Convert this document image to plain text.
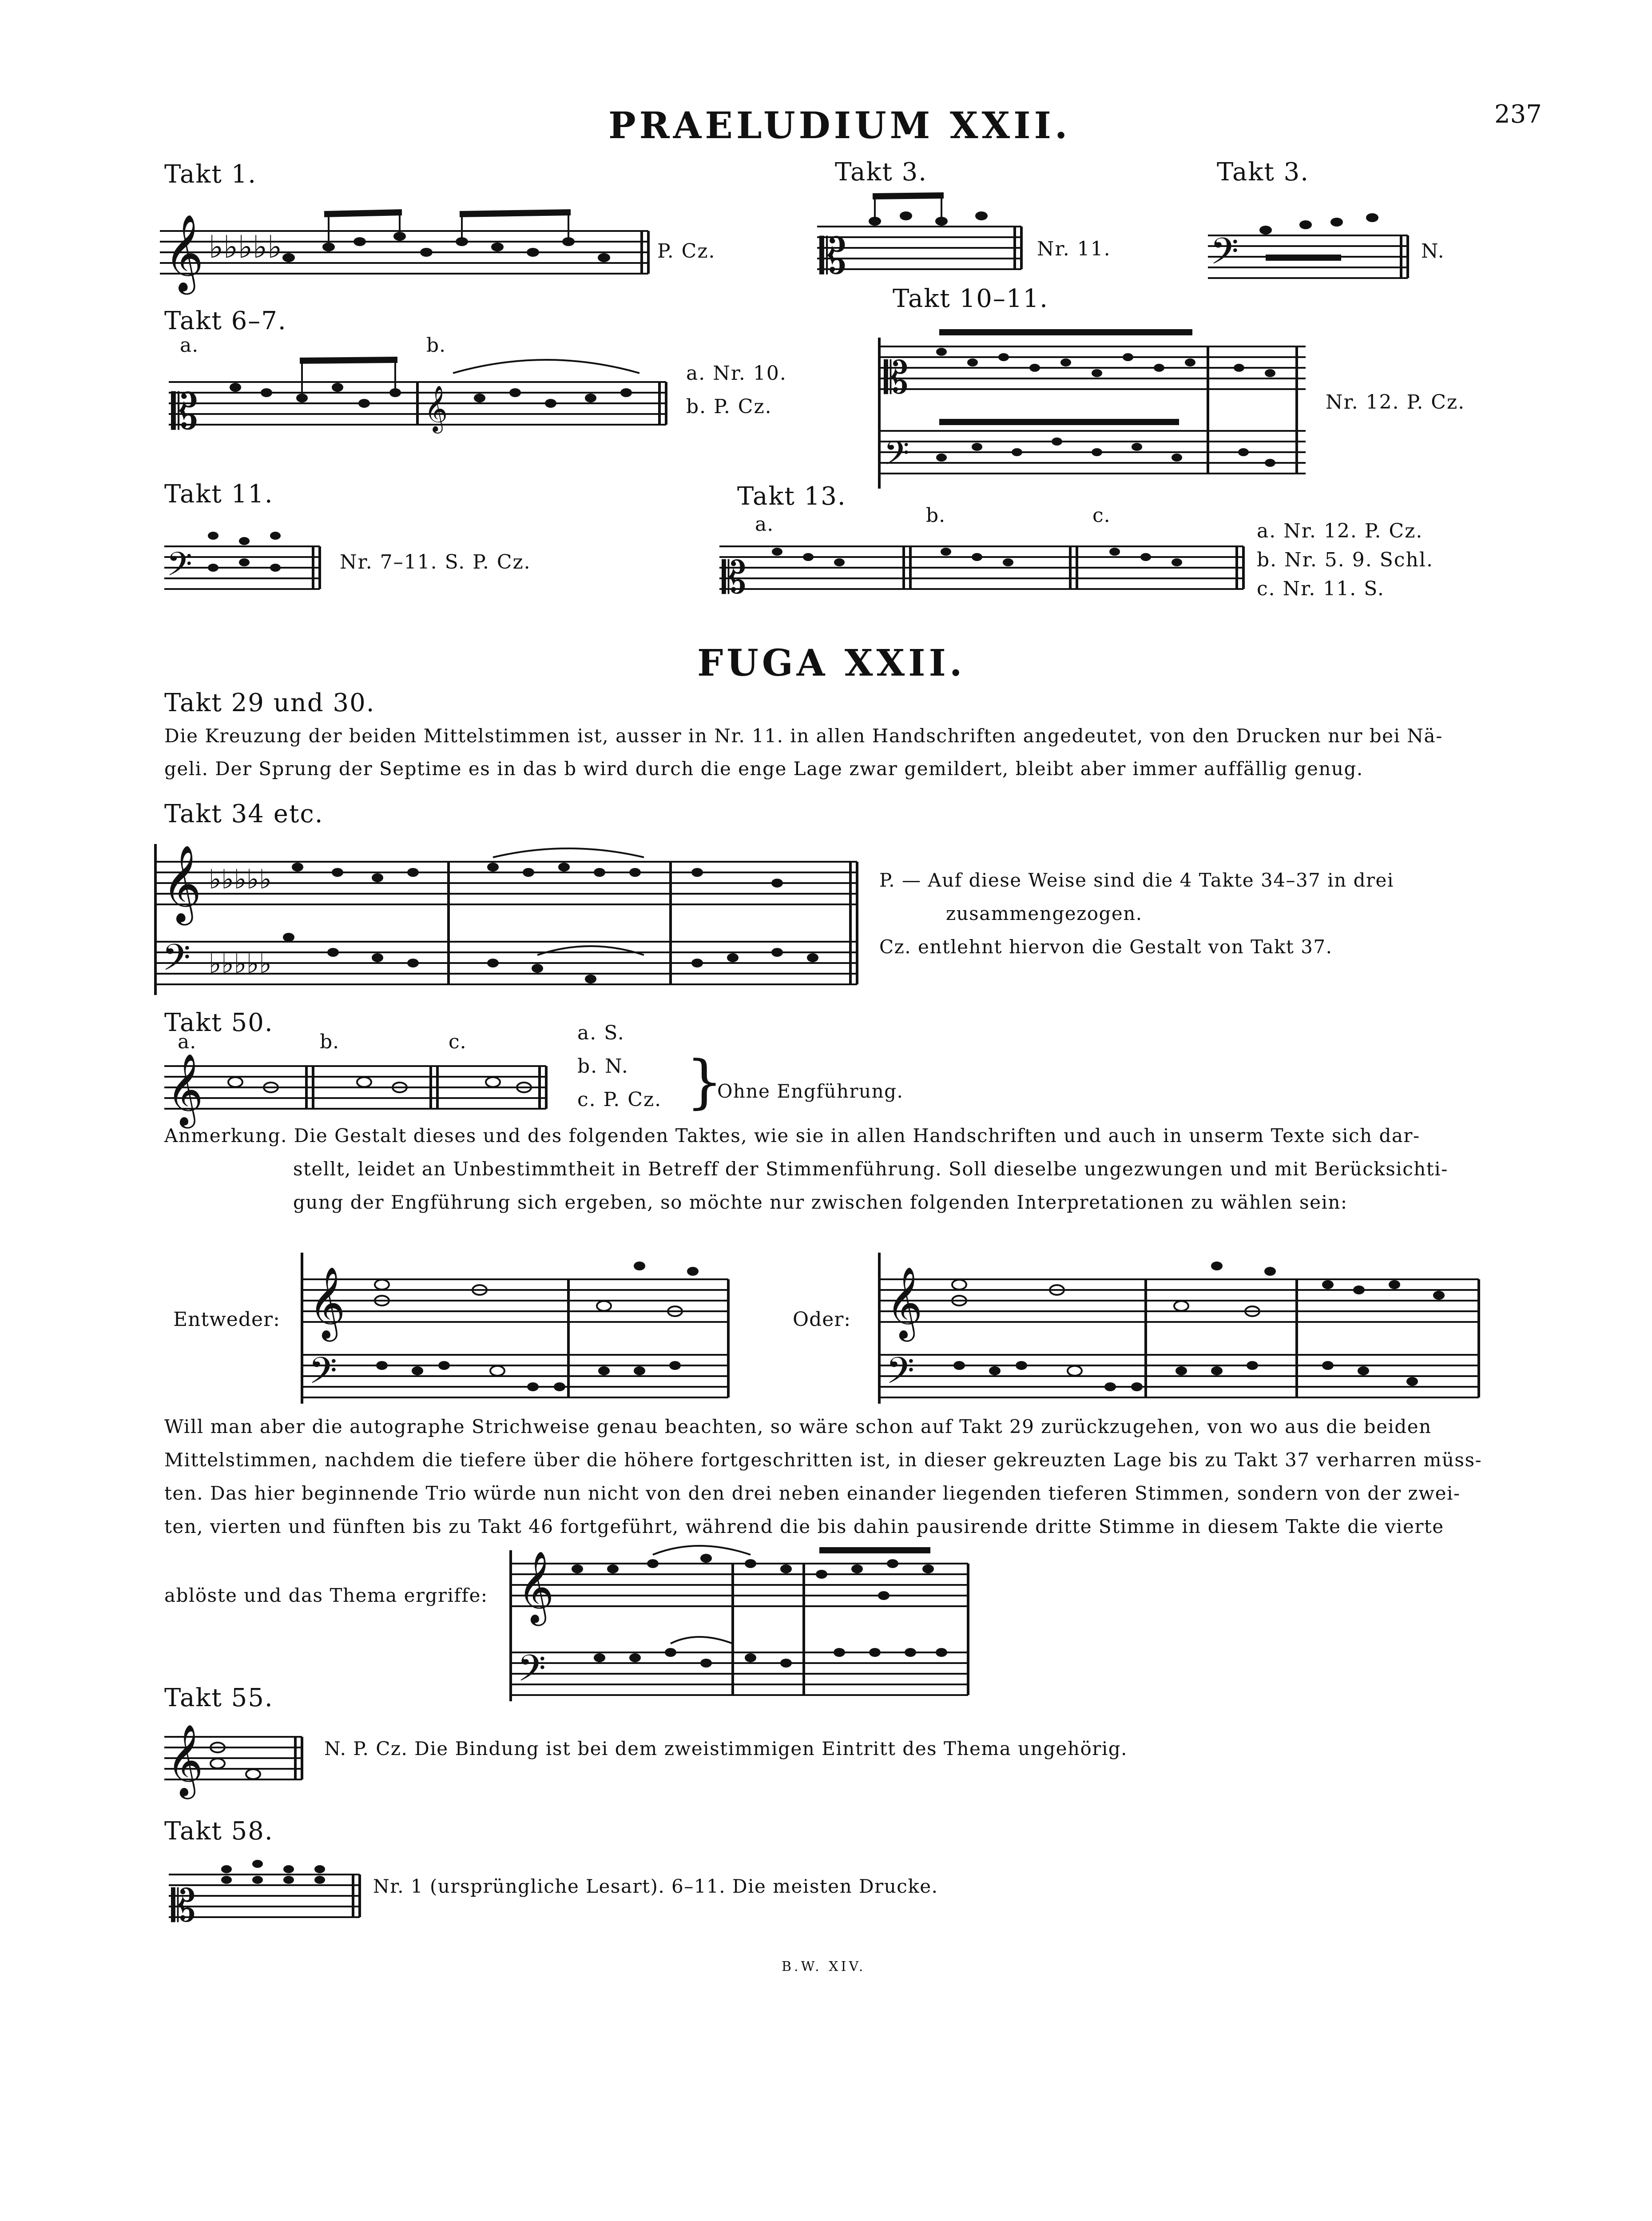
PRAELUDIUM XXII.	237
Takt 1.
𝄞 ♭♭♭♭♭	P. Cz.
Takt 3.
𝄡	Nr. 11.
Takt 3.
𝄢	N.
Takt 6–7.
a.	b.
𝄡	𝄞
a. Nr. 10.
b. P. Cz.
Takt 10–11.
𝄡
𝄢
Nr. 12. P. Cz.
Takt 11.
𝄢	Nr. 7–11. S. P. Cz.
Takt 13.
a.	b.	c.
𝄡
a. Nr. 12. P. Cz.
b. Nr. 5. 9. Schl.
c. Nr. 11. S.
FUGA XXII.
Takt 29 und 30.
Die Kreuzung der beiden Mittelstimmen ist, ausser in Nr. 11. in allen Handschriften angedeutet, von den Drucken nur bei Nä-
geli. Der Sprung der Septime es in das b wird durch die enge Lage zwar gemildert, bleibt aber immer auffällig genug.
Takt 34 etc.
𝄞 ♭♭♭♭♭
𝄢 ♭♭♭♭♭
P. — Auf diese Weise sind die 4 Takte 34–37 in drei
zusammengezogen.
Cz. entlehnt hiervon die Gestalt von Takt 37.
Takt 50.
a.	b.	c.
𝄞
a. S.
b. N.
c. P. Cz. }
Ohne Engführung.
Anmerkung. Die Gestalt dieses und des folgenden Taktes, wie sie in allen Handschriften und auch in unserm Texte sich dar-
stellt, leidet an Unbestimmtheit in Betreff der Stimmenführung. Soll dieselbe ungezwungen und mit Berücksichti-
gung der Engführung sich ergeben, so möchte nur zwischen folgenden Interpretationen zu wählen sein:
Entweder: 𝄞
𝄢
Oder: 𝄞
𝄢
Will man aber die autographe Strichweise genau beachten, so wäre schon auf Takt 29 zurückzugehen, von wo aus die beiden
Mittelstimmen, nachdem die tiefere über die höhere fortgeschritten ist, in dieser gekreuzten Lage bis zu Takt 37 verharren müss-
ten. Das hier beginnende Trio würde nun nicht von den drei neben einander liegenden tieferen Stimmen, sondern von der zwei-
ten, vierten und fünften bis zu Takt 46 fortgeführt, während die bis dahin pausirende dritte Stimme in diesem Takte die vierte
ablöste und das Thema ergriffe: 𝄞
𝄢
Takt 55.
𝄞	N. P. Cz. Die Bindung ist bei dem zweistimmigen Eintritt des Thema ungehörig.
Takt 58.
𝄡	Nr. 1 (ursprüngliche Lesart). 6–11. Die meisten Drucke.
B.W. XIV.
